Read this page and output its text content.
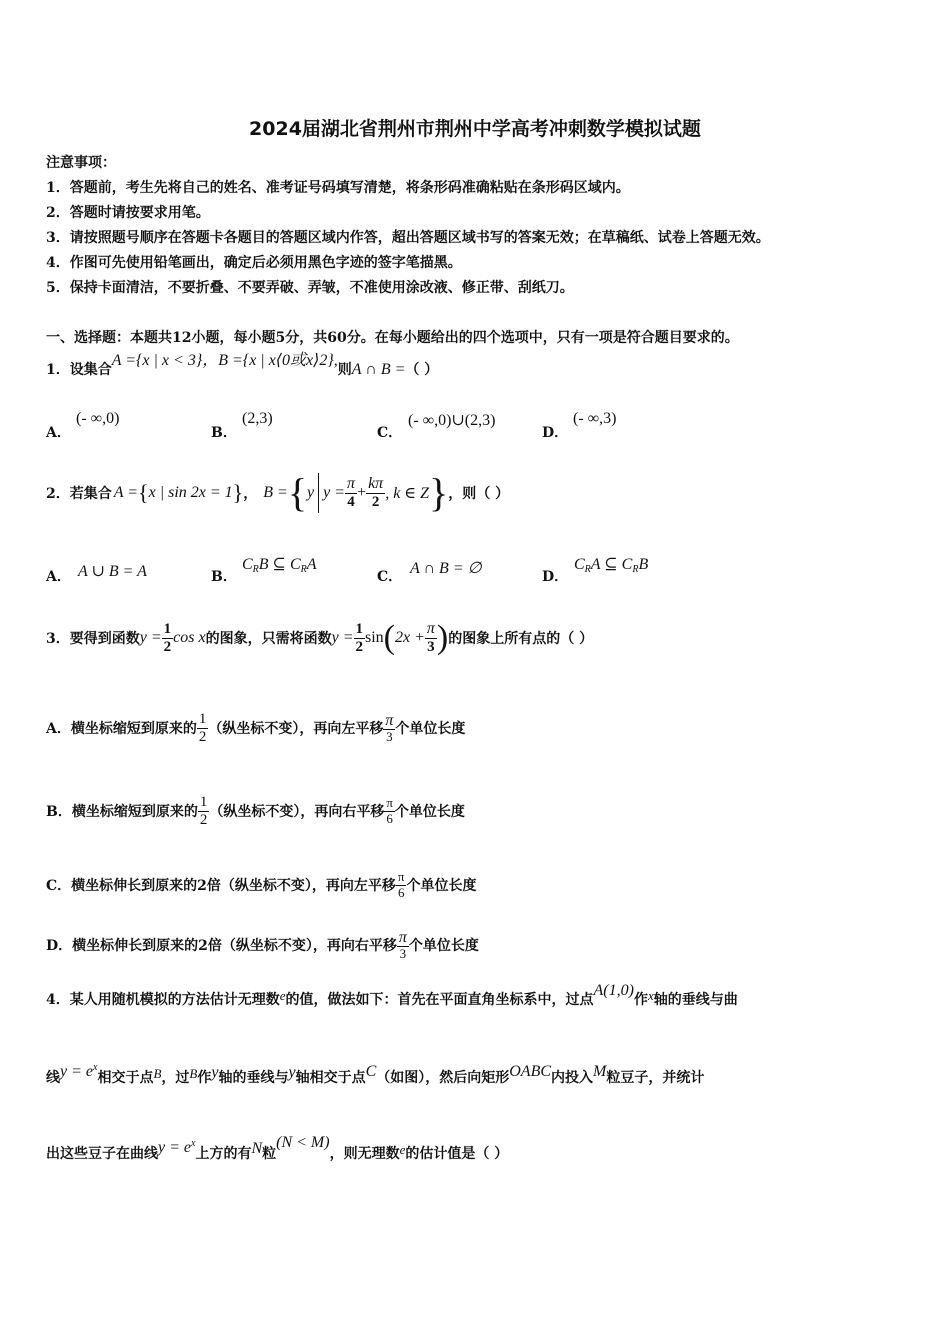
2024届湖北省荆州市荆州中学高考冲刺数学模拟试题
注意事项：
1．答题前，考生先将自己的姓名、准考证号码填写清楚，将条形码准确粘贴在条形码区域内。
2．答题时请按要求用笔。
3．请按照题号顺序在答题卡各题目的答题区域内作答，超出答题区域书写的答案无效；在草稿纸、试卷上答题无效。
4．作图可先使用铅笔画出，确定后必须用黑色字迹的签字笔描黑。
5．保持卡面清洁，不要折叠、不要弄破、弄皱，不准使用涂改液、修正带、刮纸刀。
一、选择题：本题共12小题，每小题5分，共60分。在每小题给出的四个选项中，只有一项是符合题目要求的。
1．设集合A ={x | x < 3}，B ={x | x⟨0或x⟩2},则A ∩ B =（ ）
A．
(- ∞,0)
B．
(2,3)
C．
(- ∞,0)∪(2,3)
D．
(- ∞,3)
2．若集合 A = { x | sin 2x = 1 } ， B = { y $y = \frac{\pi}{4} + \frac{k\pi}{2}$ , k ∈ Z } ，则（ ）
A． A ∪ B = A	B．
$C_RB$ ⊆ $C_RA$
C． A ∩ B = ∅	D．
$C_RA$ ⊆ $C_RB$
3．要得到函数 $y = \frac{1}{2}$ cos x 的图象，只需将函数 $y = \frac{1}{2}$ sin ( $2x + \frac{\pi}{3}$ ) 的图象上所有点的（ ）
A． 横坐标缩短到原来的 $\frac{1}{2}$ （纵坐标不变），再向左平移 $\frac{\pi}{3}$ 个单位长度
B． 横坐标缩短到原来的 $\frac{1}{2}$ （纵坐标不变），再向右平移 $\frac{\pi}{6}$ 个单位长度
C． 横坐标伸长到原来的2倍（纵坐标不变），再向左平移 $\frac{\pi}{6}$ 个单位长度
D． 横坐标伸长到原来的2倍（纵坐标不变），再向右平移 $\frac{\pi}{3}$ 个单位长度
4．某人用随机模拟的方法估计无理数 e 的值，做法如下：首先在平面直角坐标系中，过点
A(1,0)
作 x 轴的垂线与曲
线 $y = e^x$
相交于点 B ，过 B 作 y 轴的垂线与 y 轴相交于点 C （如图），然后向矩形 OABC 内投入 M 粒豆子，并统计
出这些豆子在曲线 $y = e^x$
上方的有 N 粒
(N < M)
，则无理数 e 的估计值是（ ）
